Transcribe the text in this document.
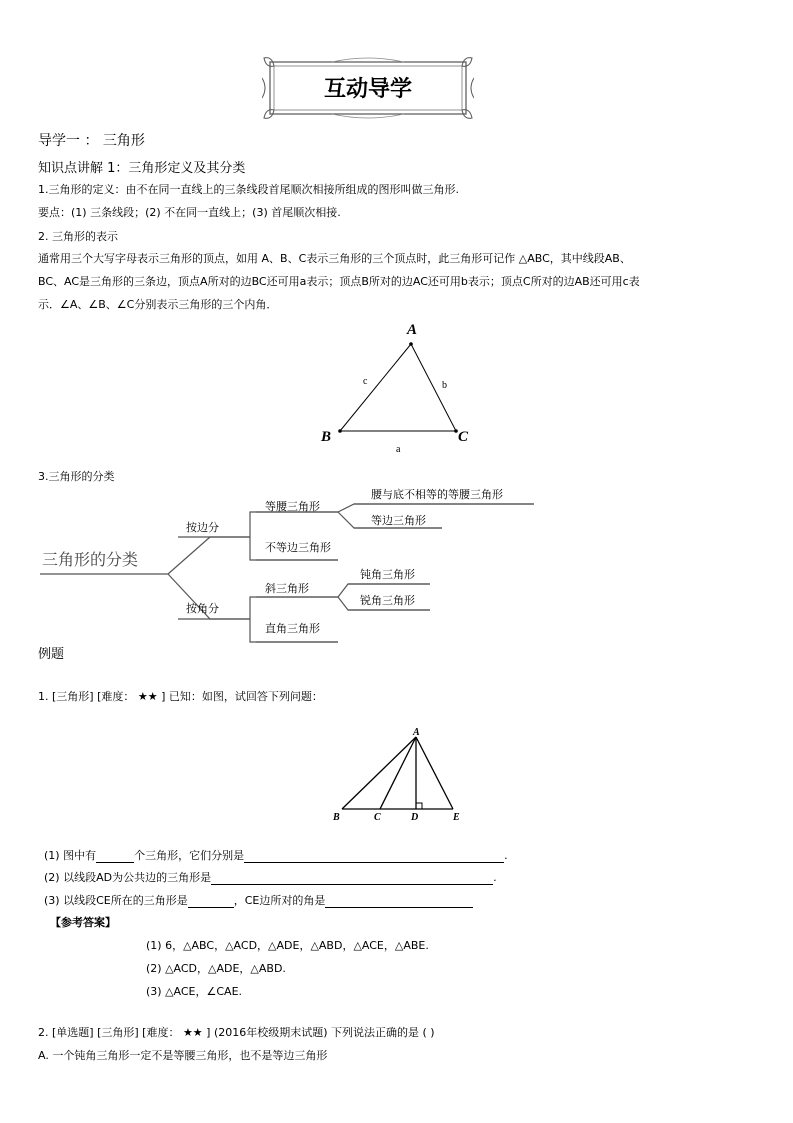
互动导学
导学一 ： 三角形
知识点讲解 1：三角形定义及其分类
1.三角形的定义：由不在同一直线上的三条线段首尾顺次相接所组成的图形叫做三角形.
要点：(1) 三条线段；(2) 不在同一直线上；(3) 首尾顺次相接.
2. 三角形的表示
通常用三个大写字母表示三角形的顶点，如用 A、B、C表示三角形的三个顶点时，此三角形可记作 △ABC，其中线段AB、
BC、AC是三角形的三条边，顶点A所对的边BC还可用a表示；顶点B所对的边AC还可用b表示；顶点C所对的边AB还可用c表
示．∠A、∠B、∠C分别表示三角形的三个内角．
A
B	C
c	b
a
3.三角形的分类
三角形的分类
按边分
等腰三角形
腰与底不相等的等腰三角形
等边三角形
不等边三角形
按角分
斜三角形
钝角三角形
锐角三角形
直角三角形
例题
1. [三角形] [难度： ★★ ] 已知：如图，试回答下列问题：
A
B	C	D	E
(1) 图中有	个三角形，它们分别是	.
(2) 以线段AD为公共边的三角形是	.
(3) 以线段CE所在的三角形是	，CE边所对的角是
【参考答案】
(1) 6，△ABC，△ACD，△ADE，△ABD，△ACE，△ABE.
(2) △ACD，△ADE，△ABD.
(3) △ACE，∠CAE.
2. [单选题] [三角形] [难度： ★★ ] (2016年校级期末试题) 下列说法正确的是 ( )
A. 一个钝角三角形一定不是等腰三角形，也不是等边三角形
